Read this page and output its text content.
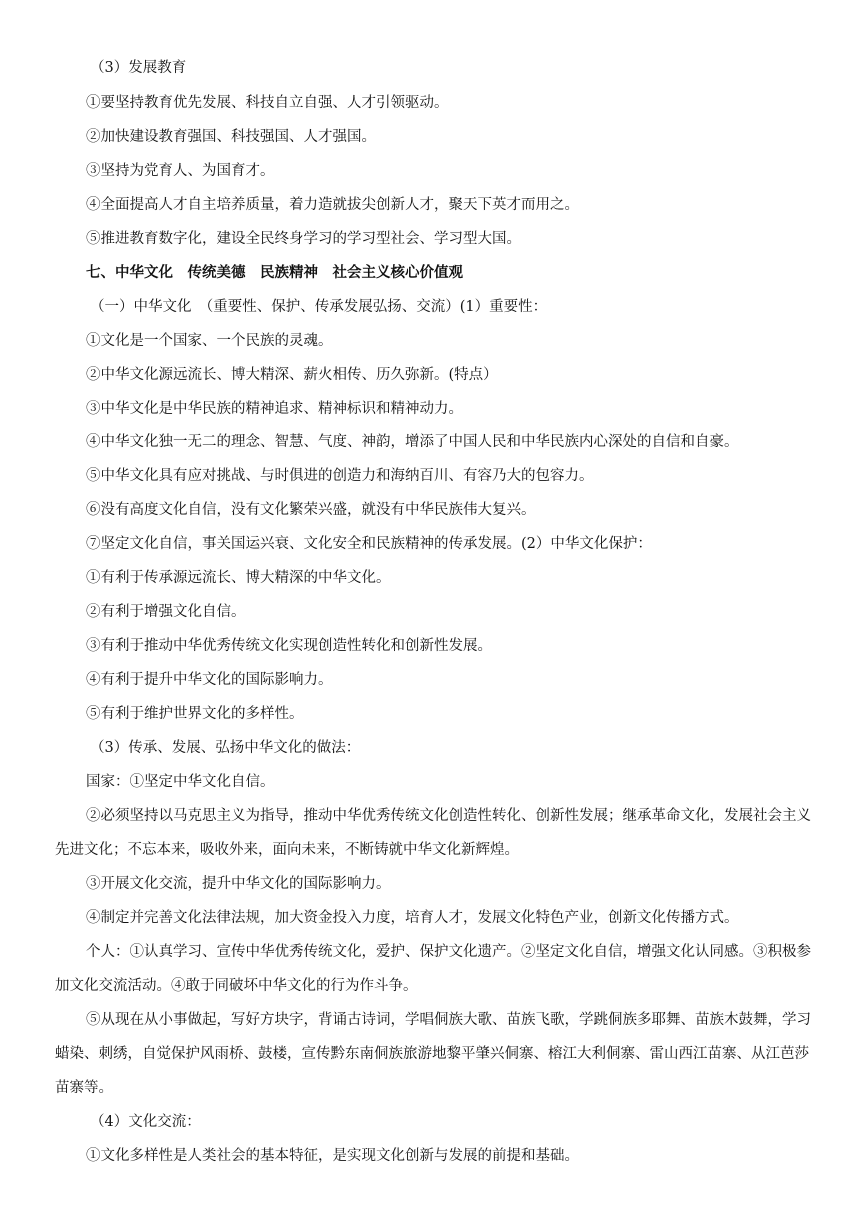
（3）发展教育
①要坚持教育优先发展、科技自立自强、人才引领驱动。
②加快建设教育强国、科技强国、人才强国。
③坚持为党育人、为国育才。
④全面提高人才自主培养质量，着力造就拔尖创新人才，聚天下英才而用之。
⑤推进教育数字化，建设全民终身学习的学习型社会、学习型大国。
七、中华文化　传统美德　民族精神　社会主义核心价值观
（一）中华文化　（重要性、保护、传承发展弘扬、交流）(1）重要性：
①文化是一个国家、一个民族的灵魂。
②中华文化源远流长、博大精深、薪火相传、历久弥新。(特点）
③中华文化是中华民族的精神追求、精神标识和精神动力。
④中华文化独一无二的理念、智慧、气度、神韵，增添了中国人民和中华民族内心深处的自信和自豪。
⑤中华文化具有应对挑战、与时俱进的创造力和海纳百川、有容乃大的包容力。
⑥没有高度文化自信，没有文化繁荣兴盛，就没有中华民族伟大复兴。
⑦坚定文化自信，事关国运兴衰、文化安全和民族精神的传承发展。(2）中华文化保护：
①有利于传承源远流长、博大精深的中华文化。
②有利于增强文化自信。
③有利于推动中华优秀传统文化实现创造性转化和创新性发展。
④有利于提升中华文化的国际影响力。
⑤有利于维护世界文化的多样性。
（3）传承、发展、弘扬中华文化的做法：
国家：①坚定中华文化自信。
②必须坚持以马克思主义为指导，推动中华优秀传统文化创造性转化、创新性发展；继承革命文化，发展社会主义先进文化；不忘本来，吸收外来，面向未来，不断铸就中华文化新辉煌。
③开展文化交流，提升中华文化的国际影响力。
④制定并完善文化法律法规，加大资金投入力度，培育人才，发展文化特色产业，创新文化传播方式。
个人：①认真学习、宣传中华优秀传统文化，爱护、保护文化遗产。②坚定文化自信，增强文化认同感。③积极参加文化交流活动。④敢于同破坏中华文化的行为作斗争。
⑤从现在从小事做起，写好方块字，背诵古诗词，学唱侗族大歌、苗族飞歌，学跳侗族多耶舞、苗族木鼓舞，学习蜡染、刺绣，自觉保护风雨桥、鼓楼，宣传黔东南侗族旅游地黎平肇兴侗寨、榕江大利侗寨、雷山西江苗寨、从江芭莎苗寨等。
（4）文化交流：
①文化多样性是人类社会的基本特征，是实现文化创新与发展的前提和基础。
